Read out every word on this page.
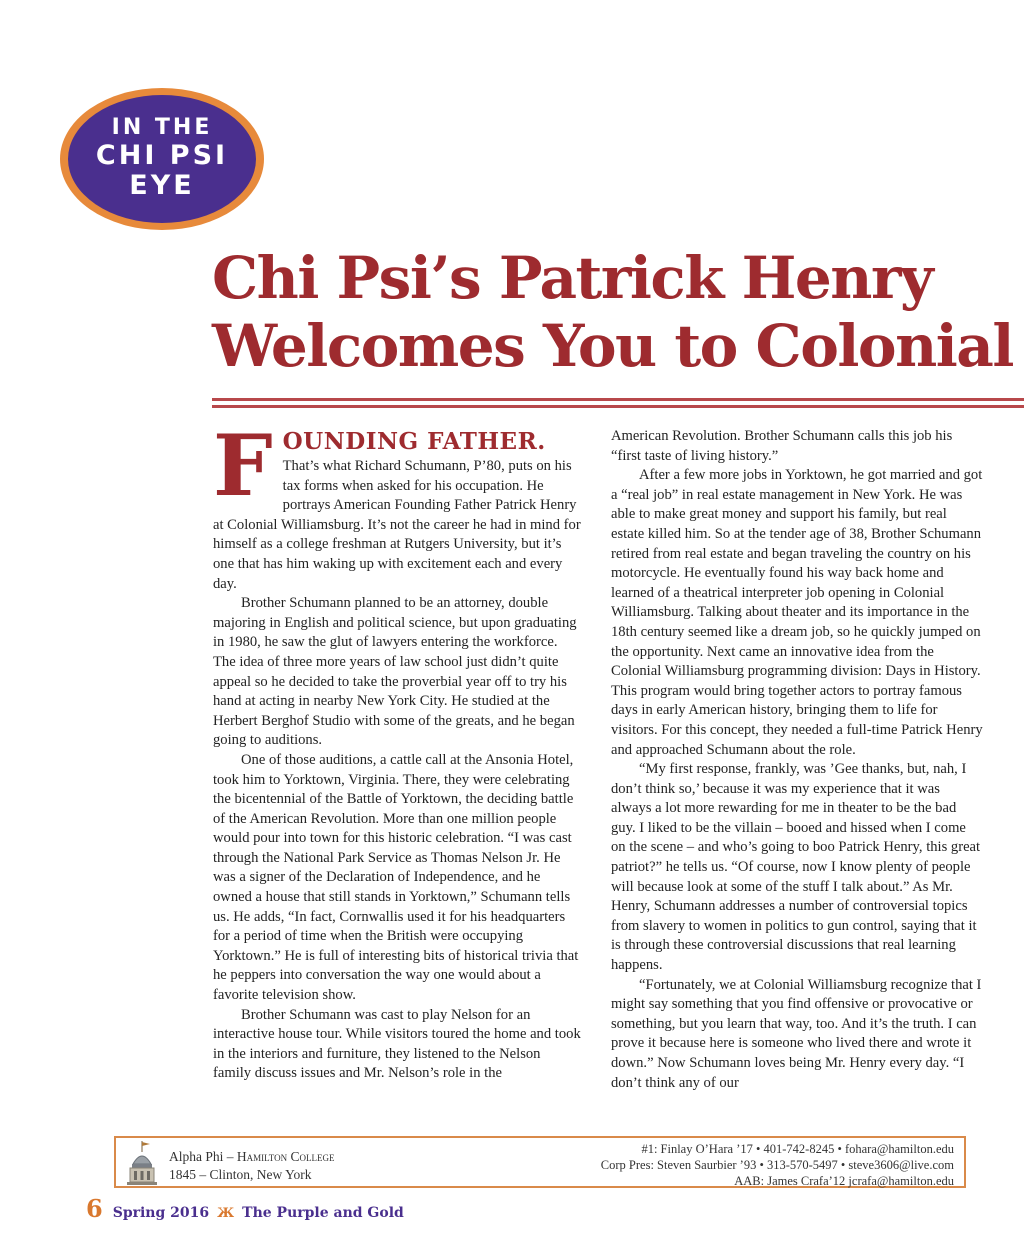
IN THE
CHI PSI
EYE
Chi Psi’s Patrick Henry
Welcomes You to Colonial
F OUNDING FATHER.

That’s what Richard Schumann, P’80, puts on his tax forms when asked for his occupation. He portrays American Founding Father Patrick Henry at Colonial Williamsburg. It’s not the career he had in mind for himself as a college freshman at Rutgers University, but it’s one that has him waking up with excitement each and every day.

Brother Schumann planned to be an attorney, double majoring in English and political science, but upon graduating in 1980, he saw the glut of lawyers entering the workforce. The idea of three more years of law school just didn’t quite appeal so he decided to take the proverbial year off to try his hand at acting in nearby New York City. He studied at the Herbert Berghof Studio with some of the greats, and he began going to auditions.

One of those auditions, a cattle call at the Ansonia Hotel, took him to Yorktown, Virginia. There, they were celebrating the bicentennial of the Battle of Yorktown, the deciding battle of the American Revolution. More than one million people would pour into town for this historic celebration. “I was cast through the National Park Service as Thomas Nelson Jr. He was a signer of the Declaration of Independence, and he owned a house that still stands in Yorktown,” Schumann tells us. He adds, “In fact, Cornwallis used it for his headquarters for a period of time when the British were occupying Yorktown.” He is full of interesting bits of historical trivia that he peppers into conversation the way one would about a favorite television show.

Brother Schumann was cast to play Nelson for an interactive house tour. While visitors toured the home and took in the interiors and furniture, they listened to the Nelson family discuss issues and Mr. Nelson’s role in the

American Revolution. Brother Schumann calls this job his “first taste of living history.”

After a few more jobs in Yorktown, he got married and got a “real job” in real estate management in New York. He was able to make great money and support his family, but real estate killed him. So at the tender age of 38, Brother Schumann retired from real estate and began traveling the country on his motorcycle. He eventually found his way back home and learned of a theatrical interpreter job opening in Colonial Williamsburg. Talking about theater and its importance in the 18th century seemed like a dream job, so he quickly jumped on the opportunity. Next came an innovative idea from the Colonial Williamsburg programming division: Days in History. This program would bring together actors to portray famous days in early American history, bringing them to life for visitors. For this concept, they needed a full-time Patrick Henry and approached Schumann about the role.

“My first response, frankly, was ’Gee thanks, but, nah, I don’t think so,’ because it was my experience that it was always a lot more rewarding for me in theater to be the bad guy. I liked to be the villain – booed and hissed when I come on the scene – and who’s going to boo Patrick Henry, this great patriot?” he tells us. “Of course, now I know plenty of people will because look at some of the stuff I talk about.” As Mr. Henry, Schumann addresses a number of controversial topics from slavery to women in politics to gun control, saying that it is through these controversial discussions that real learning happens.

“Fortunately, we at Colonial Williamsburg recognize that I might say something that you find offensive or provocative or something, but you learn that way, too. And it’s the truth. I can prove it because here is someone who lived there and wrote it down.” Now Schumann loves being Mr. Henry every day. “I don’t think any of our

Alpha Phi – Hamilton College
1845 – Clinton, New York
#1: Finlay O’Hara ’17 • 401-742-8245 • fohara@hamilton.edu
Corp Pres: Steven Saurbier ’93 • 313-570-5497 • steve3606@live.com
AAB: James Crafa’12 jcrafa@hamilton.edu
6 Spring 2016 Ж The Purple and Gold
